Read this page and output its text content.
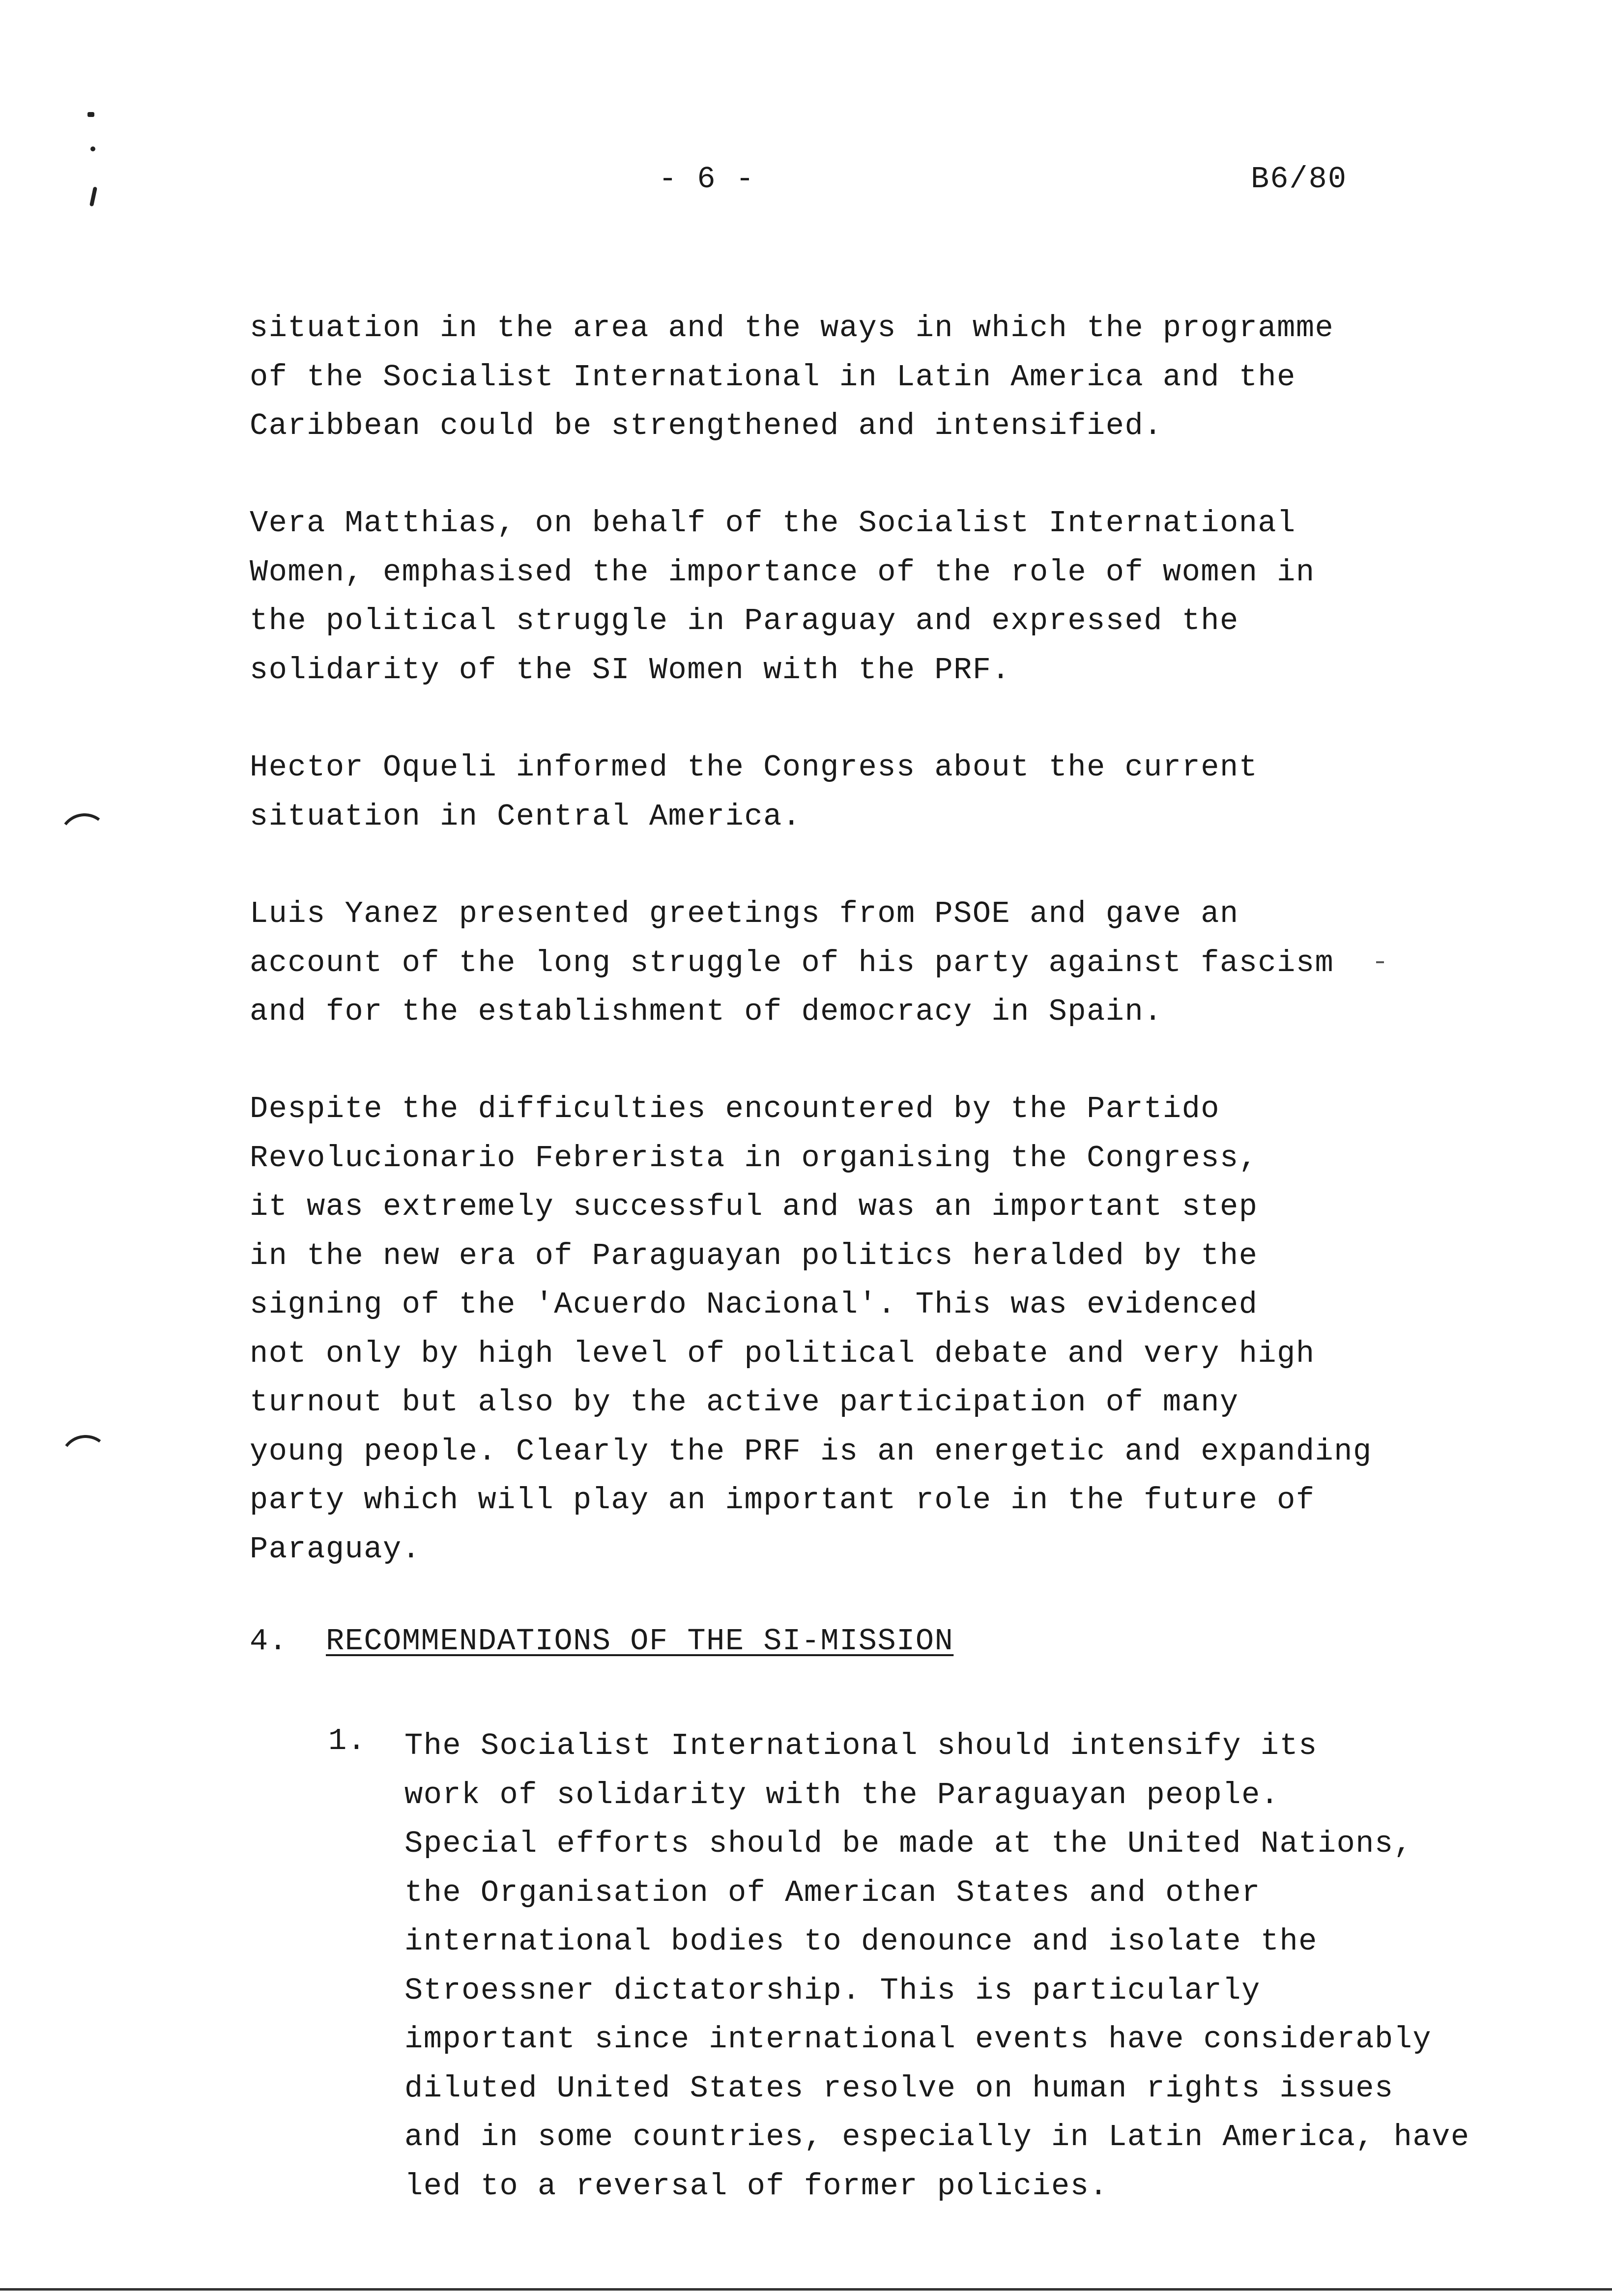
- 6 -	B6/80
situation in the area and the ways in which the programme
of the Socialist International in Latin America and the
Caribbean could be strengthened and intensified.
Vera Matthias, on behalf of the Socialist International
Women, emphasised the importance of the role of women in
the political struggle in Paraguay and expressed the
solidarity of the SI Women with the PRF.
Hector Oqueli informed the Congress about the current
situation in Central America.
Luis Yanez presented greetings from PSOE and gave an
account of the long struggle of his party against fascism
and for the establishment of democracy in Spain.
Despite the difficulties encountered by the Partido
Revolucionario Febrerista in organising the Congress,
it was extremely successful and was an important step
in the new era of Paraguayan politics heralded by the
signing of the 'Acuerdo Nacional'. This was evidenced
not only by high level of political debate and very high
turnout but also by the active participation of many
young people. Clearly the PRF is an energetic and expanding
party which will play an important role in the future of
Paraguay.
4. RECOMMENDATIONS OF THE SI-MISSION
1. The Socialist International should intensify its
work of solidarity with the Paraguayan people.
Special efforts should be made at the United Nations,
the Organisation of American States and other
international bodies to denounce and isolate the
Stroessner dictatorship. This is particularly
important since international events have considerably
diluted United States resolve on human rights issues
and in some countries, especially in Latin America, have
led to a reversal of former policies.
